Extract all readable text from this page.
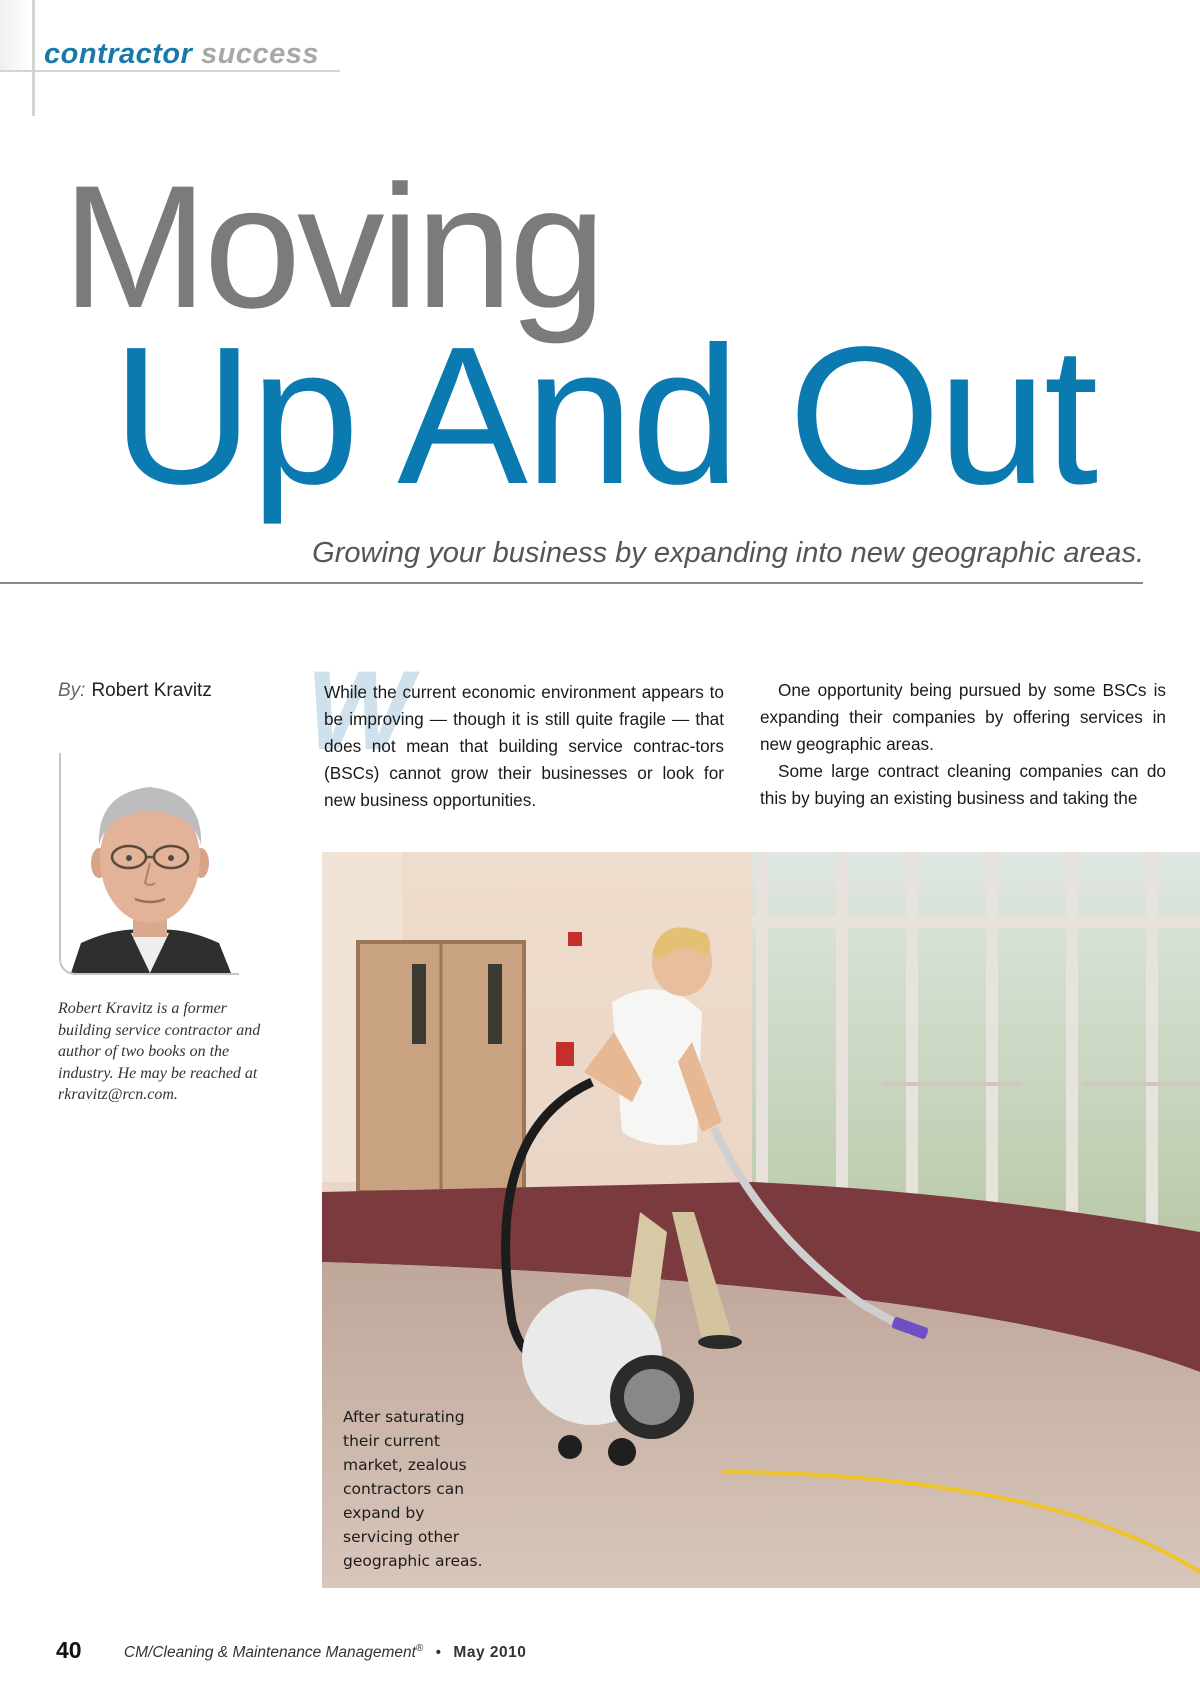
contractor success
Moving
Up And Out
Growing your business by expanding into new geographic areas.
By: Robert Kravitz
Robert Kravitz is a former building service contractor and author of two books on the industry. He may be reached at rkravitz@rcn.com.
W

While the current economic environment appears to be improving — though it is still quite fragile — that does not mean that building service contrac-tors (BSCs) cannot grow their businesses or look for new business opportunities.

One opportunity being pursued by some BSCs is expanding their companies by offering services in new geographic areas.

Some large contract cleaning companies can do this by buying an existing business and taking the

After saturating their current market, zealous contractors can expand by servicing other geographic areas.
40	CM/Cleaning & Maintenance Management® • May 2010
